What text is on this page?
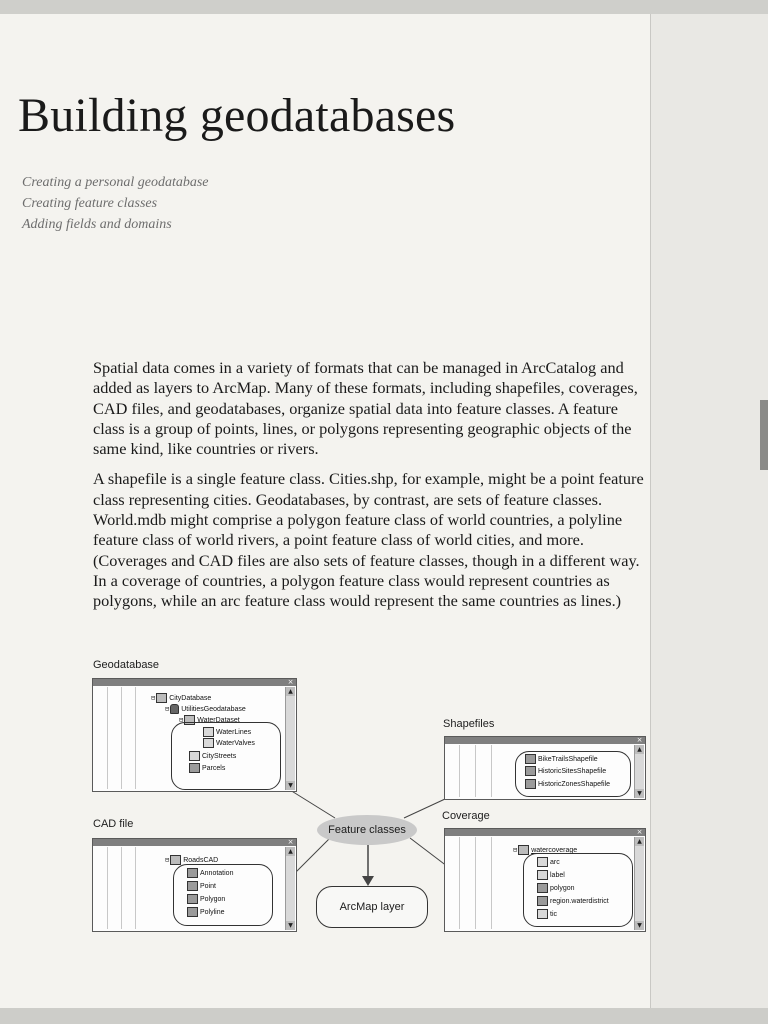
Building geodatabases
Creating a personal geodatabase
Creating feature classes
Adding fields and domains

Spatial data comes in a variety of formats that can be managed in ArcCatalog and added as layers to ArcMap. Many of these formats, including shapefiles, coverages, CAD files, and geodatabases, organize spatial data into feature classes. A feature class is a group of points, lines, or polygons representing geographic objects of the same kind, like countries or rivers.

A shapefile is a single feature class. Cities.shp, for example, might be a point feature class representing cities. Geodatabases, by contrast, are sets of feature classes. World.mdb might comprise a polygon feature class of world countries, a polyline feature class of world rivers, a point feature class of world cities, and more. (Coverages and CAD files are also sets of feature classes, though in a different way. In a coverage of countries, a polygon feature class would represent countries as polygons, while an arc feature class would represent the same countries as lines.)

Geodatabase
×
⊟ CityDatabase
⊟ UtilitiesGeodatabase
⊟ WaterDataset
WaterLines
WaterValves
CityStreets
Parcels
▲
▼
Shapefiles
×
BikeTrailsShapefile
HistoricSitesShapefile
HistoricZonesShapefile
▲
▼
CAD file
×
⊟ RoadsCAD
Annotation
Point
Polygon
Polyline
▲
▼
Coverage
×
⊟ watercoverage
arc
label
polygon
region.waterdistrict
tic
▲
▼
Feature classes
ArcMap layer
